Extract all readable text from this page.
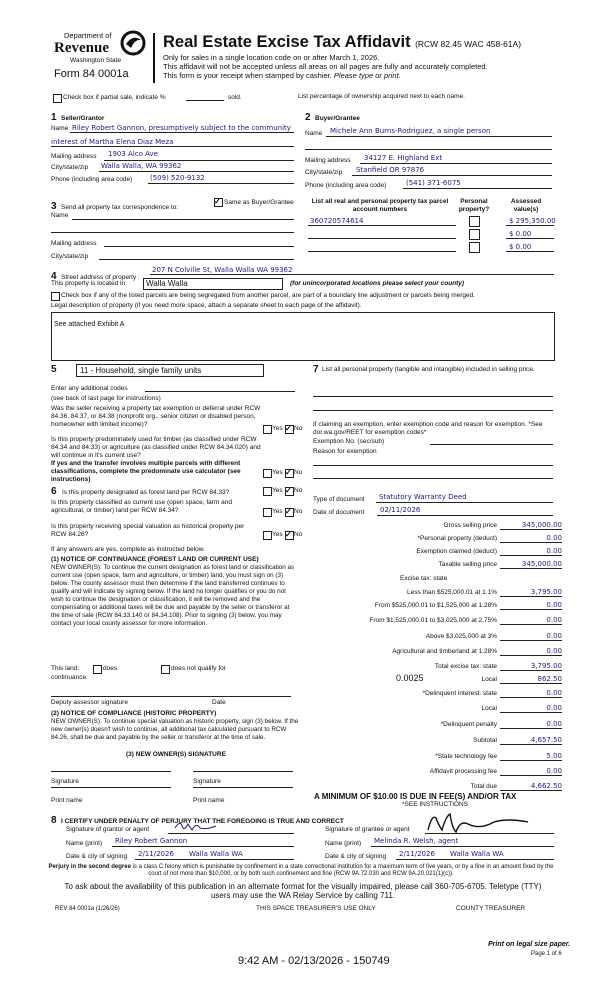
Department of
Revenue
Washington State
Form 84 0001a
Real Estate Excise Tax Affidavit (RCW 82.45 WAC 458-61A)
Only for sales in a single location code on or after March 1, 2026.
This affidavit will not be accepted unless all areas on all pages are fully and accurately completed.
This form is your receipt when stamped by cashier. Please type or print.
Check box if partial sale, indicate %	sold.	List percentage of ownership acquired next to each name.
1 Seller/Grantor
Name Riley Robert Gannon, presumptively subject to the community
interest of Martha Elena Diaz Meza
Mailing address 1903 Alco Ave
City/state/zip Walla Walla, WA 99362
Phone (including area code)	(509) 520-9132
2 Buyer/Grantee
Name Michele Ann Burns-Rodriguez, a single person
Mailing address 34127 E. Highland Ext
City/state/zip Stanfield OR 97876
Phone (including area code)	(541) 371-6075
3 Send all property tax correspondence to:
✓ Same as Buyer/Grantee
Name
Mailing address
City/state/zip
List all real and personal property tax parcel account numbers
Personal property?
Assessed value(s)
360720574614	$ 295,350.00
$ 0.00
$ 0.00
4 Street address of property
207 N Colville St, Walla Walla WA 99362
This property is located in	Walla Walla	(for unincorporated locations please select your county)
Check box if any of the listed parcels are being segregated from another parcel, are part of a boundary line adjustment or parcels being merged.
Legal description of property (if you need more space, attach a separate sheet to each page of the affidavit).
See attached Exhibit A
5	11 - Household, single family units
Enter any additional codes
(see back of last page for instructions)
Was the seller receiving a property tax exemption or deferral under RCW 84.36, 84.37, or 84.38 (nonprofit org., senior citizen or disabled person, homeowner with limited income)?
Yes ✓ No
Is this property predominately used for timber (as classified under RCW 84.34 and 84.33) or agriculture (as classified under RCW 84.34.020) and will continue in it's current use?
If yes and the transfer involves multiple parcels with different classifications, complete the predominate use calculator (see instructions)
Yes ✓ No
6 Is this property designated as forest land per RCW 84.33?	Yes ✓ No
Is this property classified as current use (open space, farm and agricultural, or timber) land per RCW 84.34?	Yes ✓ No
Is this property receiving special valuation as historical property per RCW 84.26?	Yes ✓ No
If any answers are yes, complete as instructed below.
(1) NOTICE OF CONTINUANCE (FOREST LAND OR CURRENT USE)
NEW OWNER(S): To continue the current designation as forest land or classification as current use (open space, farm and agriculture, or timber) land, you must sign on (3) below. The county assessor must then determine if the land transferred continues to qualify and will indicate by signing below. If the land no longer qualifies or you do not wish to continue the designation or classification, it will be removed and the compensating or additional taxes will be due and payable by the seller or transferor at the time of sale (RCW 84.33.140 or 84.34.108). Prior to signing (3) below, you may contact your local county assessor for more information.
This land:	does	does not qualify for
continuance.
Deputy assessor signature	Date
(2) NOTICE OF COMPLIANCE (HISTORIC PROPERTY)
NEW OWNER(S): To continue special valuation as historic property, sign (3) below. If the new owner(s) doesn't wish to continue, all additional tax calculated pursuant to RCW 84.26, shall be due and payable by the seller or transferor at the time of sale.
(3) NEW OWNER(S) SIGNATURE
Signature	Signature
Print name	Print name
7 List all personal property (tangible and intangible) included in selling price.
If claiming an exemption, enter exemption code and reason for exemption. *See dor.wa.gov/REET for exemption codes*
Exemption No. (sec/sub)
Reason for exemption
Type of document Statutory Warranty Deed
Date of document 02/11/2026
Gross selling price	345,000.00
*Personal property (deduct)	0.00
Exemption claimed (deduct)	0.00
Taxable selling price	345,000.00
Excise tax: state
Less than $525,000.01 at 1.1%	3,795.00
From $525,000.01 to $1,525,000 at 1.28%	0.00
From $1,525,000.01 to $3,025,000 at 2.75%	0.00
Above $3,025,000 at 3%	0.00
Agricultural and timberland at 1.28%	0.00
Total excise tax: state	3,795.00
0.0025	Local	862.50
*Delinquent interest: state	0.00
Local	0.00
*Delinquent penalty	0.00
Subtotal	4,657.50
*State technology fee	5.00
Affidavit processing fee	0.00
Total due	4,662.50
A MINIMUM OF $10.00 IS DUE IN FEE(S) AND/OR TAX
*SEE INSTRUCTIONS
8 I CERTIFY UNDER PENALTY OF PERJURY THAT THE FOREGOING IS TRUE AND CORRECT
Signature of grantor or agent
Name (print) Riley Robert Gannon
Date & city of signing 2/11/2026 Walla Walla WA
Signature of grantee or agent
Name (print) Melinda R. Welsh, agent
Date & city of signing 2/11/2026 Walla Walla WA
Perjury in the second degree is a class C felony which is punishable by confinement in a state correctional institution for a maximum term of five years, or by a fine in an amount fixed by the court of not more than $10,000, or by both such confinement and fine (RCW 9A.72.030 and RCW 9A.20.021(1)(c)).
To ask about the availability of this publication in an alternate format for the visually impaired, please call 360-705-6705. Teletype (TTY) users may use the WA Relay Service by calling 711.
REV 84 0001a (1/26/26)	THIS SPACE TREASURER'S USE ONLY	COUNTY TREASURER
Print on legal size paper.
Page 1 of 6
9:42 AM - 02/13/2026 - 150749
